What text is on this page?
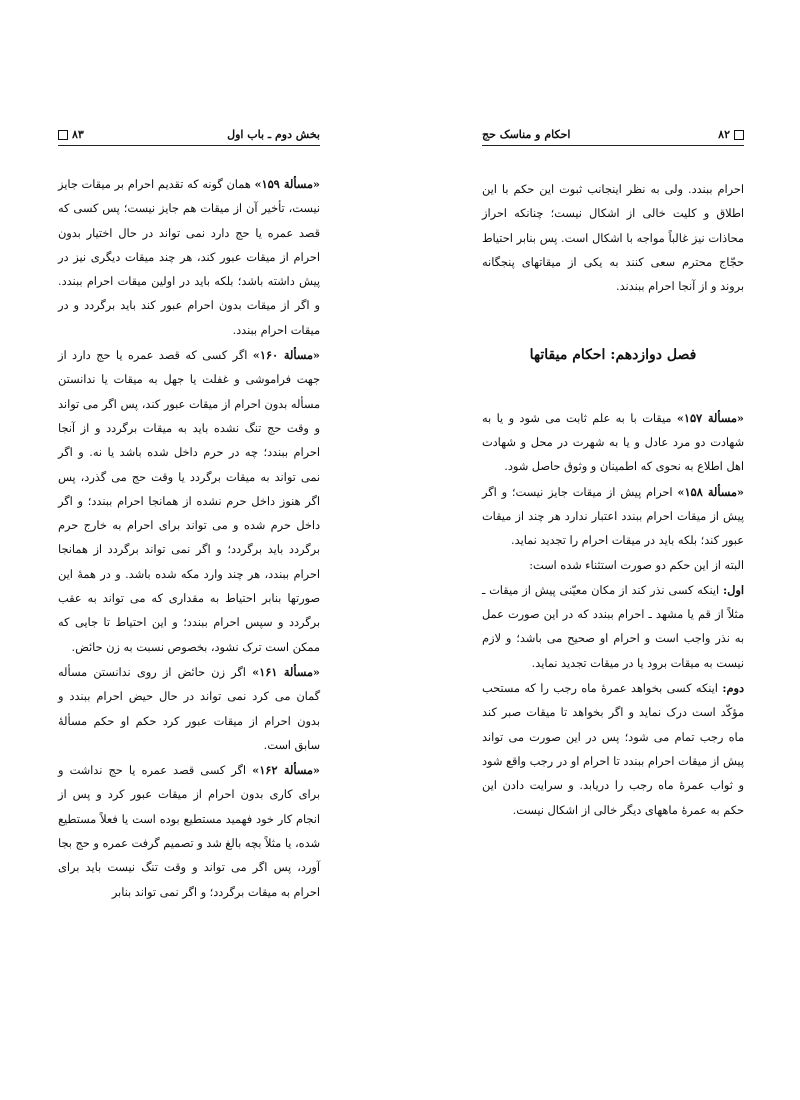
۸۳	بخش دوم ـ باب اول

«مسألة ۱۵۹» همان گونه که تقدیم احرام بر میقات جایز نیست، تأخیر آن از میقات هم جایز نیست؛ پس کسی که قصد عمره یا حج دارد نمی تواند در حال اختیار بدون احرام از میقات عبور کند، هر چند میقات دیگری نیز در پیش داشته باشد؛ بلکه باید در اولین میقات احرام ببندد. و اگر از میقات بدون احرام عبور کند باید برگردد و در میقات احرام ببندد.

«مسألة ۱۶۰» اگر کسی که قصد عمره یا حج دارد از جهت فراموشی و غفلت یا جهل به میقات یا ندانستن مسأله بدون احرام از میقات عبور کند، پس اگر می تواند و وقت حج تنگ نشده باید به میقات برگردد و از آنجا احرام ببندد؛ چه در حرم داخل شده باشد یا نه. و اگر نمی تواند به میقات برگردد یا وقت حج می گذرد، پس اگر هنوز داخل حرم نشده از همانجا احرام ببندد؛ و اگر داخل حرم شده و می تواند برای احرام به خارج حرم برگردد باید برگردد؛ و اگر نمی تواند برگردد از همانجا احرام ببندد، هر چند وارد مکه شده باشد. و در همهٔ این صورتها بنابر احتیاط به مقداری که می تواند به عقب برگردد و سپس احرام ببندد؛ و این احتیاط تا جایی که ممکن است ترک نشود، بخصوص نسبت به زن حائض.

«مسألة ۱۶۱» اگر زن حائض از روی ندانستن مسأله گمان می کرد نمی تواند در حال حیض احرام ببندد و بدون احرام از میقات عبور کرد حکم او حکم مسألهٔ سابق است.

«مسألة ۱۶۲» اگر کسی قصد عمره یا حج نداشت و برای کاری بدون احرام از میقات عبور کرد و پس از انجام کار خود فهمید مستطیع بوده است یا فعلاً مستطیع شده، یا مثلاً بچه بالغ شد و تصمیم گرفت عمره و حج بجا آورد، پس اگر می تواند و وقت تنگ نیست باید برای احرام به میقات برگردد؛ و اگر نمی تواند بنابر

احکام و مناسک حج	۸۲

احرام ببندد. ولی به نظر اینجانب ثبوت این حکم با این اطلاق و کلیت خالی از اشکال نیست؛ چنانکه احراز محاذات نیز غالباً مواجه با اشکال است. پس بنابر احتیاط حجّاج محترم سعی کنند به یکی از میقاتهای پنجگانه بروند و از آنجا احرام ببندند.

فصل دوازدهم: احکام میقاتها

«مسألة ۱۵۷» میقات با به علم ثابت می شود و یا به شهادت دو مرد عادل و یا به شهرت در محل و شهادت اهل اطلاع به نحوی که اطمینان و وثوق حاصل شود.

«مسألة ۱۵۸» احرام پیش از میقات جایز نیست؛ و اگر پیش از میقات احرام ببندد اعتبار ندارد هر چند از میقات عبور کند؛ بلکه باید در میقات احرام را تجدید نماید.

البته از این حکم دو صورت استثناء شده است:

اول: اینکه کسی نذر کند از مکان معیّنی پیش از میقات ـ مثلاً از قم یا مشهد ـ احرام ببندد که در این صورت عمل به نذر واجب است و احرام او صحیح می باشد؛ و لازم نیست به میقات برود یا در میقات تجدید نماید.

دوم: اینکه کسی بخواهد عمرهٔ ماه رجب را که مستحب مؤکّد است درک نماید و اگر بخواهد تا میقات صبر کند ماه رجب تمام می شود؛ پس در این صورت می تواند پیش از میقات احرام ببندد تا احرام او در رجب واقع شود و ثواب عمرهٔ ماه رجب را دریابد. و سرایت دادن این حکم به عمرهٔ ماههای دیگر خالی از اشکال نیست.
